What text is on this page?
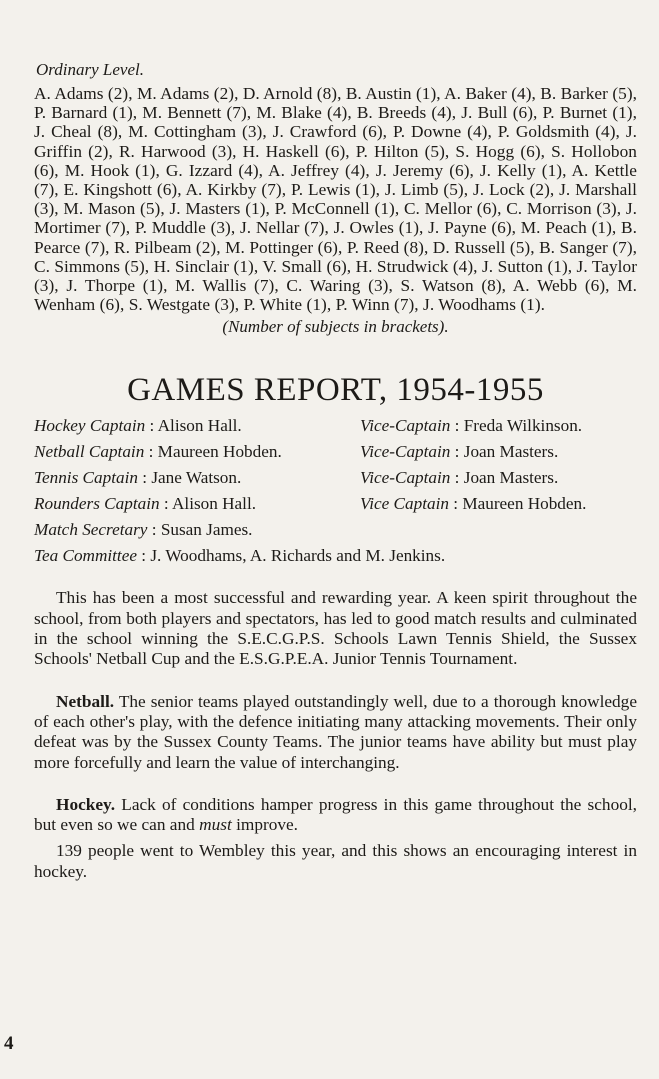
Ordinary Level.

A. Adams (2), M. Adams (2), D. Arnold (8), B. Austin (1), A. Baker (4), B. Barker (5), P. Barnard (1), M. Bennett (7), M. Blake (4), B. Breeds (4), J. Bull (6), P. Burnet (1), J. Cheal (8), M. Cottingham (3), J. Crawford (6), P. Downe (4), P. Goldsmith (4), J. Griffin (2), R. Harwood (3), H. Haskell (6), P. Hilton (5), S. Hogg (6), S. Hollobon (6), M. Hook (1), G. Izzard (4), A. Jeffrey (4), J. Jeremy (6), J. Kelly (1), A. Kettle (7), E. Kingshott (6), A. Kirkby (7), P. Lewis (1), J. Limb (5), J. Lock (2), J. Marshall (3), M. Mason (5), J. Masters (1), P. McConnell (1), C. Mellor (6), C. Morrison (3), J. Mortimer (7), P. Muddle (3), J. Nellar (7), J. Owles (1), J. Payne (6), M. Peach (1), B. Pearce (7), R. Pilbeam (2), M. Pottinger (6), P. Reed (8), D. Russell (5), B. Sanger (7), C. Simmons (5), H. Sinclair (1), V. Small (6), H. Strudwick (4), J. Sutton (1), J. Taylor (3), J. Thorpe (1), M. Wallis (7), C. Waring (3), S. Watson (8), A. Webb (6), M. Wenham (6), S. Westgate (3), P. White (1), P. Winn (7), J. Woodhams (1).

(Number of subjects in brackets).

GAMES REPORT, 1954-1955
Hockey Captain : Alison Hall.	Vice-Captain : Freda Wilkinson.
Netball Captain : Maureen Hobden.	Vice-Captain : Joan Masters.
Tennis Captain : Jane Watson.	Vice-Captain : Joan Masters.
Rounders Captain : Alison Hall.	Vice Captain : Maureen Hobden.
Match Secretary : Susan James.
Tea Committee : J. Woodhams, A. Richards and M. Jenkins.

This has been a most successful and rewarding year. A keen spirit throughout the school, from both players and spectators, has led to good match results and culminated in the school winning the S.E.C.G.P.S. Schools Lawn Tennis Shield, the Sussex Schools' Netball Cup and the E.S.G.P.E.A. Junior Tennis Tournament.

Netball. The senior teams played outstandingly well, due to a thorough knowledge of each other's play, with the defence initiating many attacking movements. Their only defeat was by the Sussex County Teams. The junior teams have ability but must play more forcefully and learn the value of interchanging.

Hockey. Lack of conditions hamper progress in this game throughout the school, but even so we can and must improve.

139 people went to Wembley this year, and this shows an encouraging interest in hockey.

4
